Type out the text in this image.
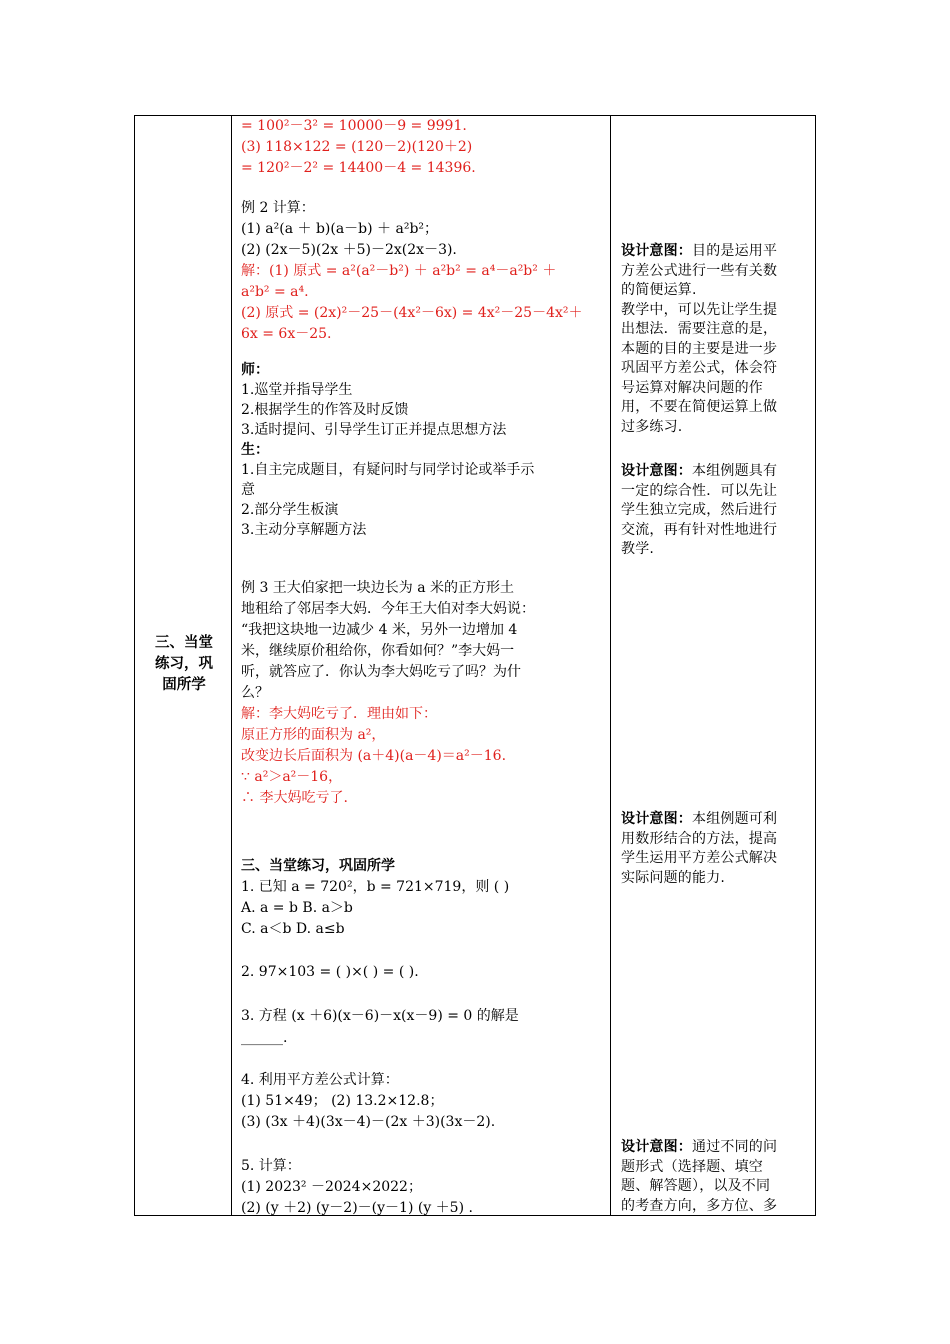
三、当堂
练习，巩
固所学
= 100²－3² = 10000－9 = 9991.
(3) 118×122 = (120－2)(120＋2)
= 120²－2² = 14400－4 = 14396.
例 2 计算：
(1) a²(a ＋ b)(a－b) ＋ a²b²；
(2) (2x－5)(2x ＋5)－2x(2x－3).
解：(1) 原式 = a²(a²－b²) ＋ a²b² = a⁴－a²b² ＋
a²b² = a⁴.
(2) 原式 = (2x)²－25－(4x²－6x) = 4x²－25－4x²＋
6x = 6x－25.
师：
1.巡堂并指导学生
2.根据学生的作答及时反馈
3.适时提问、引导学生订正并提点思想方法
生：
1.自主完成题目，有疑问时与同学讨论或举手示
意
2.部分学生板演
3.主动分享解题方法
例 3 王大伯家把一块边长为 a 米的正方形土
地租给了邻居李大妈．今年王大伯对李大妈说：
“我把这块地一边减少 4 米，另外一边增加 4
米，继续原价租给你，你看如何？”李大妈一
听，就答应了．你认为李大妈吃亏了吗？为什
么？
解：李大妈吃亏了．理由如下：
原正方形的面积为 a²，
改变边长后面积为 (a＋4)(a－4)＝a²－16.
∵ a²＞a²－16，
∴ 李大妈吃亏了.
三、当堂练习，巩固所学
1. 已知 a = 720²，b = 721×719，则 ( )
A. a = b B. a＞b
C. a＜b D. a≤b
2. 97×103 = ( )×( ) = ( ).
3. 方程 (x ＋6)(x－6)－x(x－9) = 0 的解是
______.
4. 利用平方差公式计算：
(1) 51×49； (2) 13.2×12.8；
(3) (3x ＋4)(3x－4)－(2x ＋3)(3x－2).
5. 计算：
(1) 2023² －2024×2022；
(2) (y ＋2) (y－2)－(y－1) (y ＋5) .
设计意图：目的是运用平
方差公式进行一些有关数
的简便运算.
教学中，可以先让学生提
出想法．需要注意的是，
本题的目的主要是进一步
巩固平方差公式，体会符
号运算对解决问题的作
用，不要在简便运算上做
过多练习.
设计意图：本组例题具有
一定的综合性．可以先让
学生独立完成，然后进行
交流，再有针对性地进行
教学.
设计意图：本组例题可利
用数形结合的方法，提高
学生运用平方差公式解决
实际问题的能力.
设计意图：通过不同的问
题形式（选择题、填空
题、解答题），以及不同
的考查方向，多方位、多
